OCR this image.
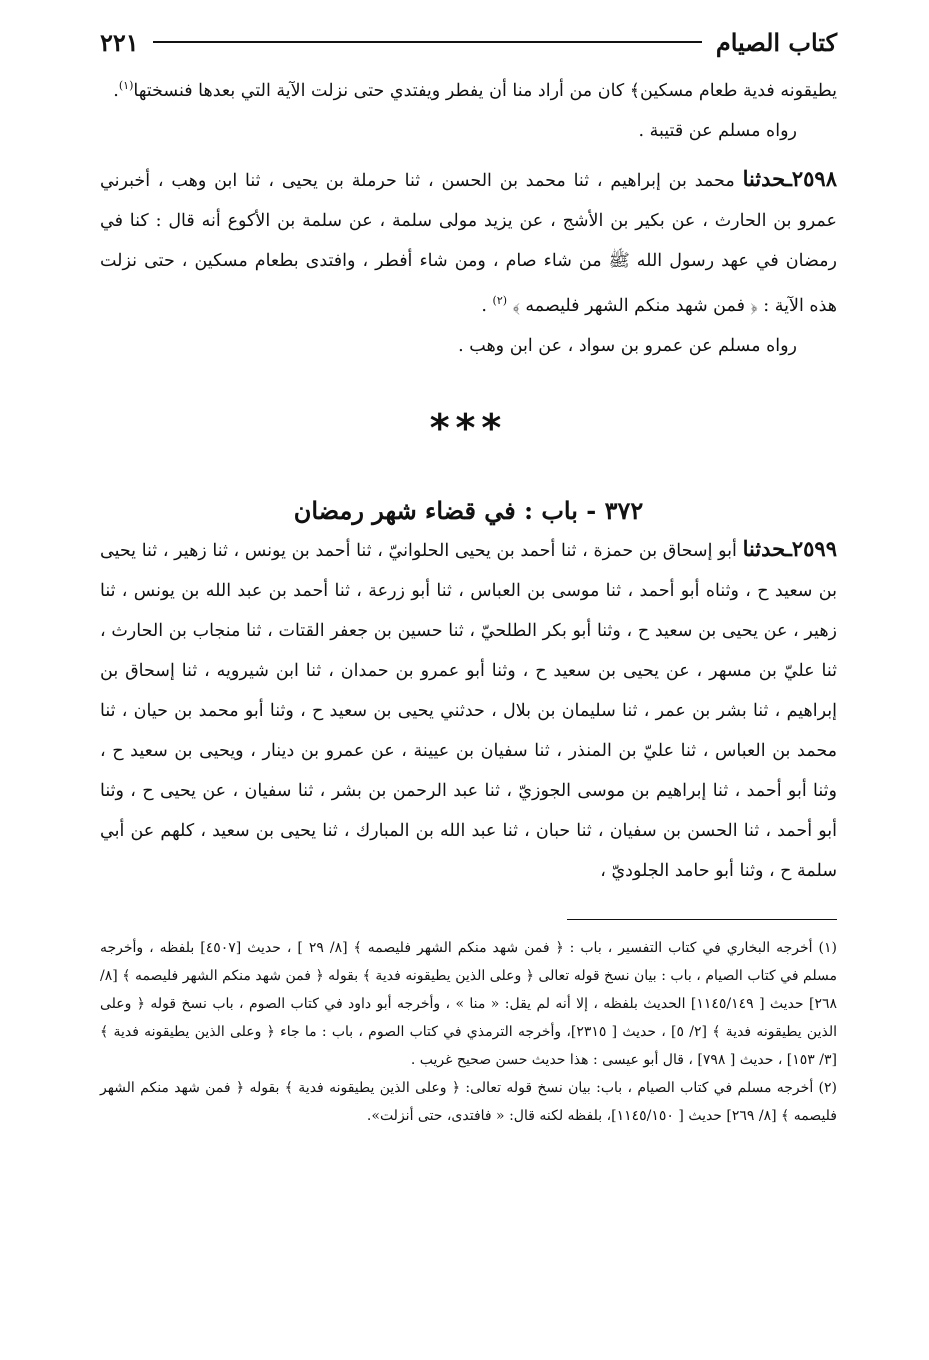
كتاب الصيام
٢٢١

يطيقونه فدية طعام مسكين﴾ كان من أراد منا أن يفطر ويفتدي حتى نزلت الآية التي بعدها فنسختها$^{(١)}$.

رواه مسلم عن قتيبة .

٢٥٩٨ـحدثنا محمد بن إبراهيم ، ثنا محمد بن الحسن ، ثنا حرملة بن يحيى ، ثنا ابن وهب ، أخبرني عمرو بن الحارث ، عن بكير بن الأشج ، عن يزيد مولى سلمة ، عن سلمة بن الأكوع أنه قال : كنا في رمضان في عهد رسول الله ﷺ من شاء صام ، ومن شاء أفطر ، وافتدى بطعام مسكين ، حتى نزلت هذه الآية : ﴿ فمن شهد منكم الشهر فليصمه ﴾ $^{(٢)}$ .

رواه مسلم عن عمرو بن سواد ، عن ابن وهب .

***
٣٧٢ - باب : في قضاء شهر رمضان

٢٥٩٩ـحدثنا أبو إسحاق بن حمزة ، ثنا أحمد بن يحيى الحلوانيّ ، ثنا أحمد بن يونس ، ثنا زهير ، ثنا يحيى بن سعيد ح ، وثناه أبو أحمد ، ثنا موسى بن العباس ، ثنا أبو زرعة ، ثنا أحمد بن عبد الله بن يونس ، ثنا زهير ، عن يحيى بن سعيد ح ، وثنا أبو بكر الطلحيّ ، ثنا حسين بن جعفر القتات ، ثنا منجاب بن الحارث ، ثنا عليّ بن مسهر ، عن يحيى بن سعيد ح ، وثنا أبو عمرو بن حمدان ، ثنا ابن شيرويه ، ثنا إسحاق بن إبراهيم ، ثنا بشر بن عمر ، ثنا سليمان بن بلال ، حدثني يحيى بن سعيد ح ، وثنا أبو محمد بن حيان ، ثنا محمد بن العباس ، ثنا عليّ بن المنذر ، ثنا سفيان بن عيينة ، عن عمرو بن دينار ، ويحيى بن سعيد ح ، وثنا أبو أحمد ، ثنا إبراهيم بن موسى الجوزيّ ، ثنا عبد الرحمن بن بشر ، ثنا سفيان ، عن يحيى ح ، وثنا أبو أحمد ، ثنا الحسن بن سفيان ، ثنا حبان ، ثنا عبد الله بن المبارك ، ثنا يحيى بن سعيد ، كلهم عن أبي سلمة ح ، وثنا أبو حامد الجلوديّ ،

(١) أخرجه البخاري في كتاب التفسير ، باب : ﴿ فمن شهد منكم الشهر فليصمه ﴾ [٨/ ٢٩ ] ، حديث [٤٥٠٧] بلفظه ، وأخرجه مسلم في كتاب الصيام ، باب : بيان نسخ قوله تعالى ﴿ وعلى الذين يطيقونه فدية ﴾ بقوله ﴿ فمن شهد منكم الشهر فليصمه ﴾ [٨/ ٢٦٨] حديث [ ١١٤٥/١٤٩] الحديث بلفظه ، إلا أنه لم يقل: « منا » ، وأخرجه أبو داود في كتاب الصوم ، باب نسخ قوله ﴿ وعلى الذين يطيقونه فدية ﴾ [٢/ ٥] ، حديث [ ٢٣١٥]، وأخرجه الترمذي في كتاب الصوم ، باب : ما جاء ﴿ وعلى الذين يطيقونه فدية ﴾ [٣/ ١٥٣] ، حديث [ ٧٩٨] ، قال أبو عيسى : هذا حديث حسن صحيح غريب .

(٢) أخرجه مسلم في كتاب الصيام ، باب: بيان نسخ قوله تعالى: ﴿ وعلى الذين يطيقونه فدية ﴾ بقوله ﴿ فمن شهد منكم الشهر فليصمه ﴾ [٨/ ٢٦٩] حديث [ ١١٤٥/١٥٠]، بلفظه لكنه قال: « فافتدى، حتى أنزلت».
